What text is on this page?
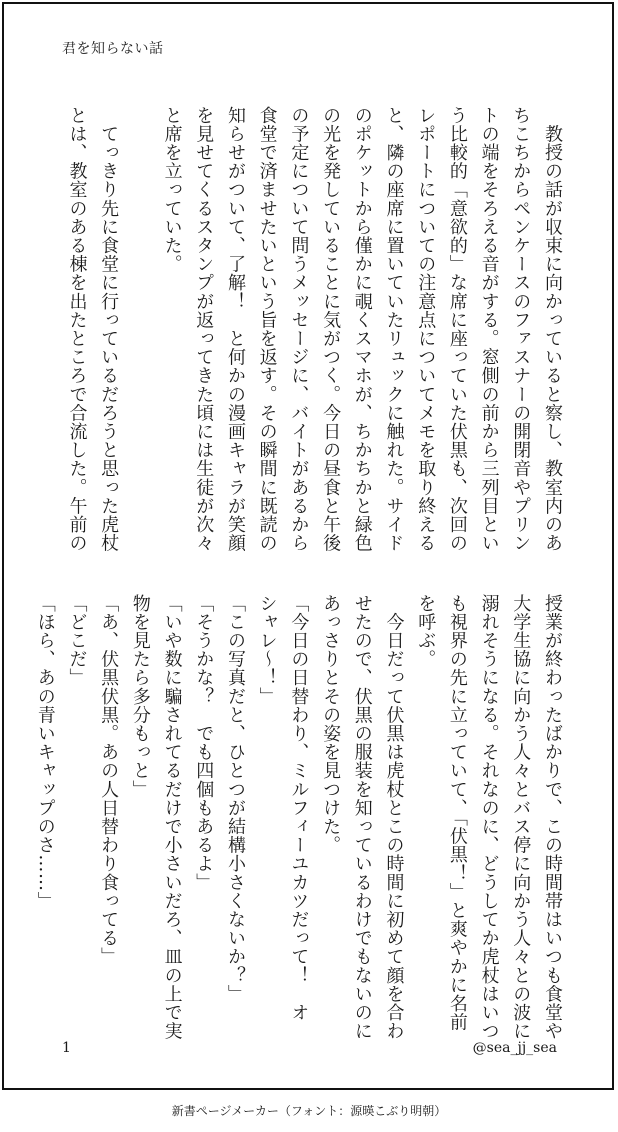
君を知らない話

　教授の話が収束に向かっていると察し、教室内のあ

ちこちからペンケースのファスナーの開閉音やプリン

トの端をそろえる音がする。窓側の前から三列目とい

う比較的「意欲的」な席に座っていた伏黒も、次回の

レポートについての注意点についてメモを取り終える

と、隣の座席に置いていたリュックに触れた。サイド

のポケットから僅かに覗くスマホが、ちかちかと緑色

の光を発していることに気がつく。今日の昼食と午後

の予定について問うメッセージに、バイトがあるから

食堂で済ませたいという旨を返す。その瞬間に既読の

知らせがついて、了解！　と何かの漫画キャラが笑顔

を見せてくるスタンプが返ってきた頃には生徒が次々

と席を立っていた。

　てっきり先に食堂に行っているだろうと思った虎杖

とは、教室のある棟を出たところで合流した。午前の

授業が終わったばかりで、この時間帯はいつも食堂や

大学生協に向かう人々とバス停に向かう人々との波に

溺れそうになる。それなのに、どうしてか虎杖はいつ

も視界の先に立っていて、「伏黒！」と爽やかに名前

を呼ぶ。

　今日だって伏黒は虎杖とこの時間に初めて顔を合わ

せたので、伏黒の服装を知っているわけでもないのに

あっさりとその姿を見つけた。

「今日の日替わり、ミルフィーユカツだって！　オ

シャレ～！」

「この写真だと、ひとつが結構小さくないか？」

「そうかな？　でも四個もあるよ」

「いや数に騙されてるだけで小さいだろ、皿の上で実

物を見たら多分もっと」

「あ、伏黒伏黒。あの人日替わり食ってる」

「どこだ」

「ほら、あの青いキャップのさ……」

1	@sea_jj_sea
新書ページメーカー（フォント：源暎こぶり明朝）
